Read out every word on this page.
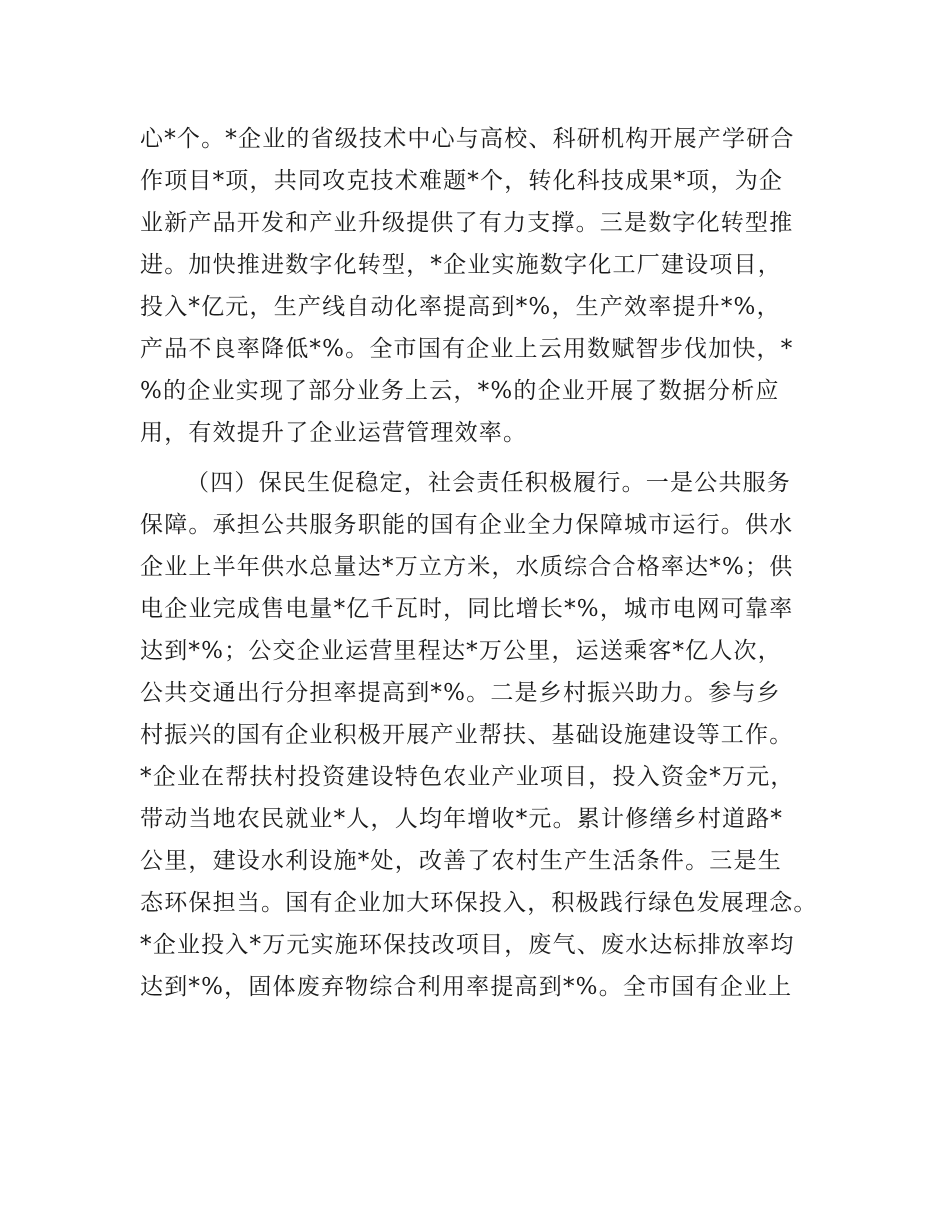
心*个。*企业的省级技术中心与高校、科研机构开展产学研合
作项目*项，共同攻克技术难题*个，转化科技成果*项，为企
业新产品开发和产业升级提供了有力支撑。三是数字化转型推
进。加快推进数字化转型，*企业实施数字化工厂建设项目，
投入*亿元，生产线自动化率提高到*%，生产效率提升*%，
产品不良率降低*%。全市国有企业上云用数赋智步伐加快，*
%的企业实现了部分业务上云，*%的企业开展了数据分析应
用，有效提升了企业运营管理效率。
（四）保民生促稳定，社会责任积极履行。一是公共服务
保障。承担公共服务职能的国有企业全力保障城市运行。供水
企业上半年供水总量达*万立方米，水质综合合格率达*%；供
电企业完成售电量*亿千瓦时，同比增长*%，城市电网可靠率
达到*%；公交企业运营里程达*万公里，运送乘客*亿人次，
公共交通出行分担率提高到*%。二是乡村振兴助力。参与乡
村振兴的国有企业积极开展产业帮扶、基础设施建设等工作。
*企业在帮扶村投资建设特色农业产业项目，投入资金*万元，
带动当地农民就业*人，人均年增收*元。累计修缮乡村道路*
公里，建设水利设施*处，改善了农村生产生活条件。三是生
态环保担当。国有企业加大环保投入，积极践行绿色发展理念。
*企业投入*万元实施环保技改项目，废气、废水达标排放率均
达到*%，固体废弃物综合利用率提高到*%。全市国有企业上
